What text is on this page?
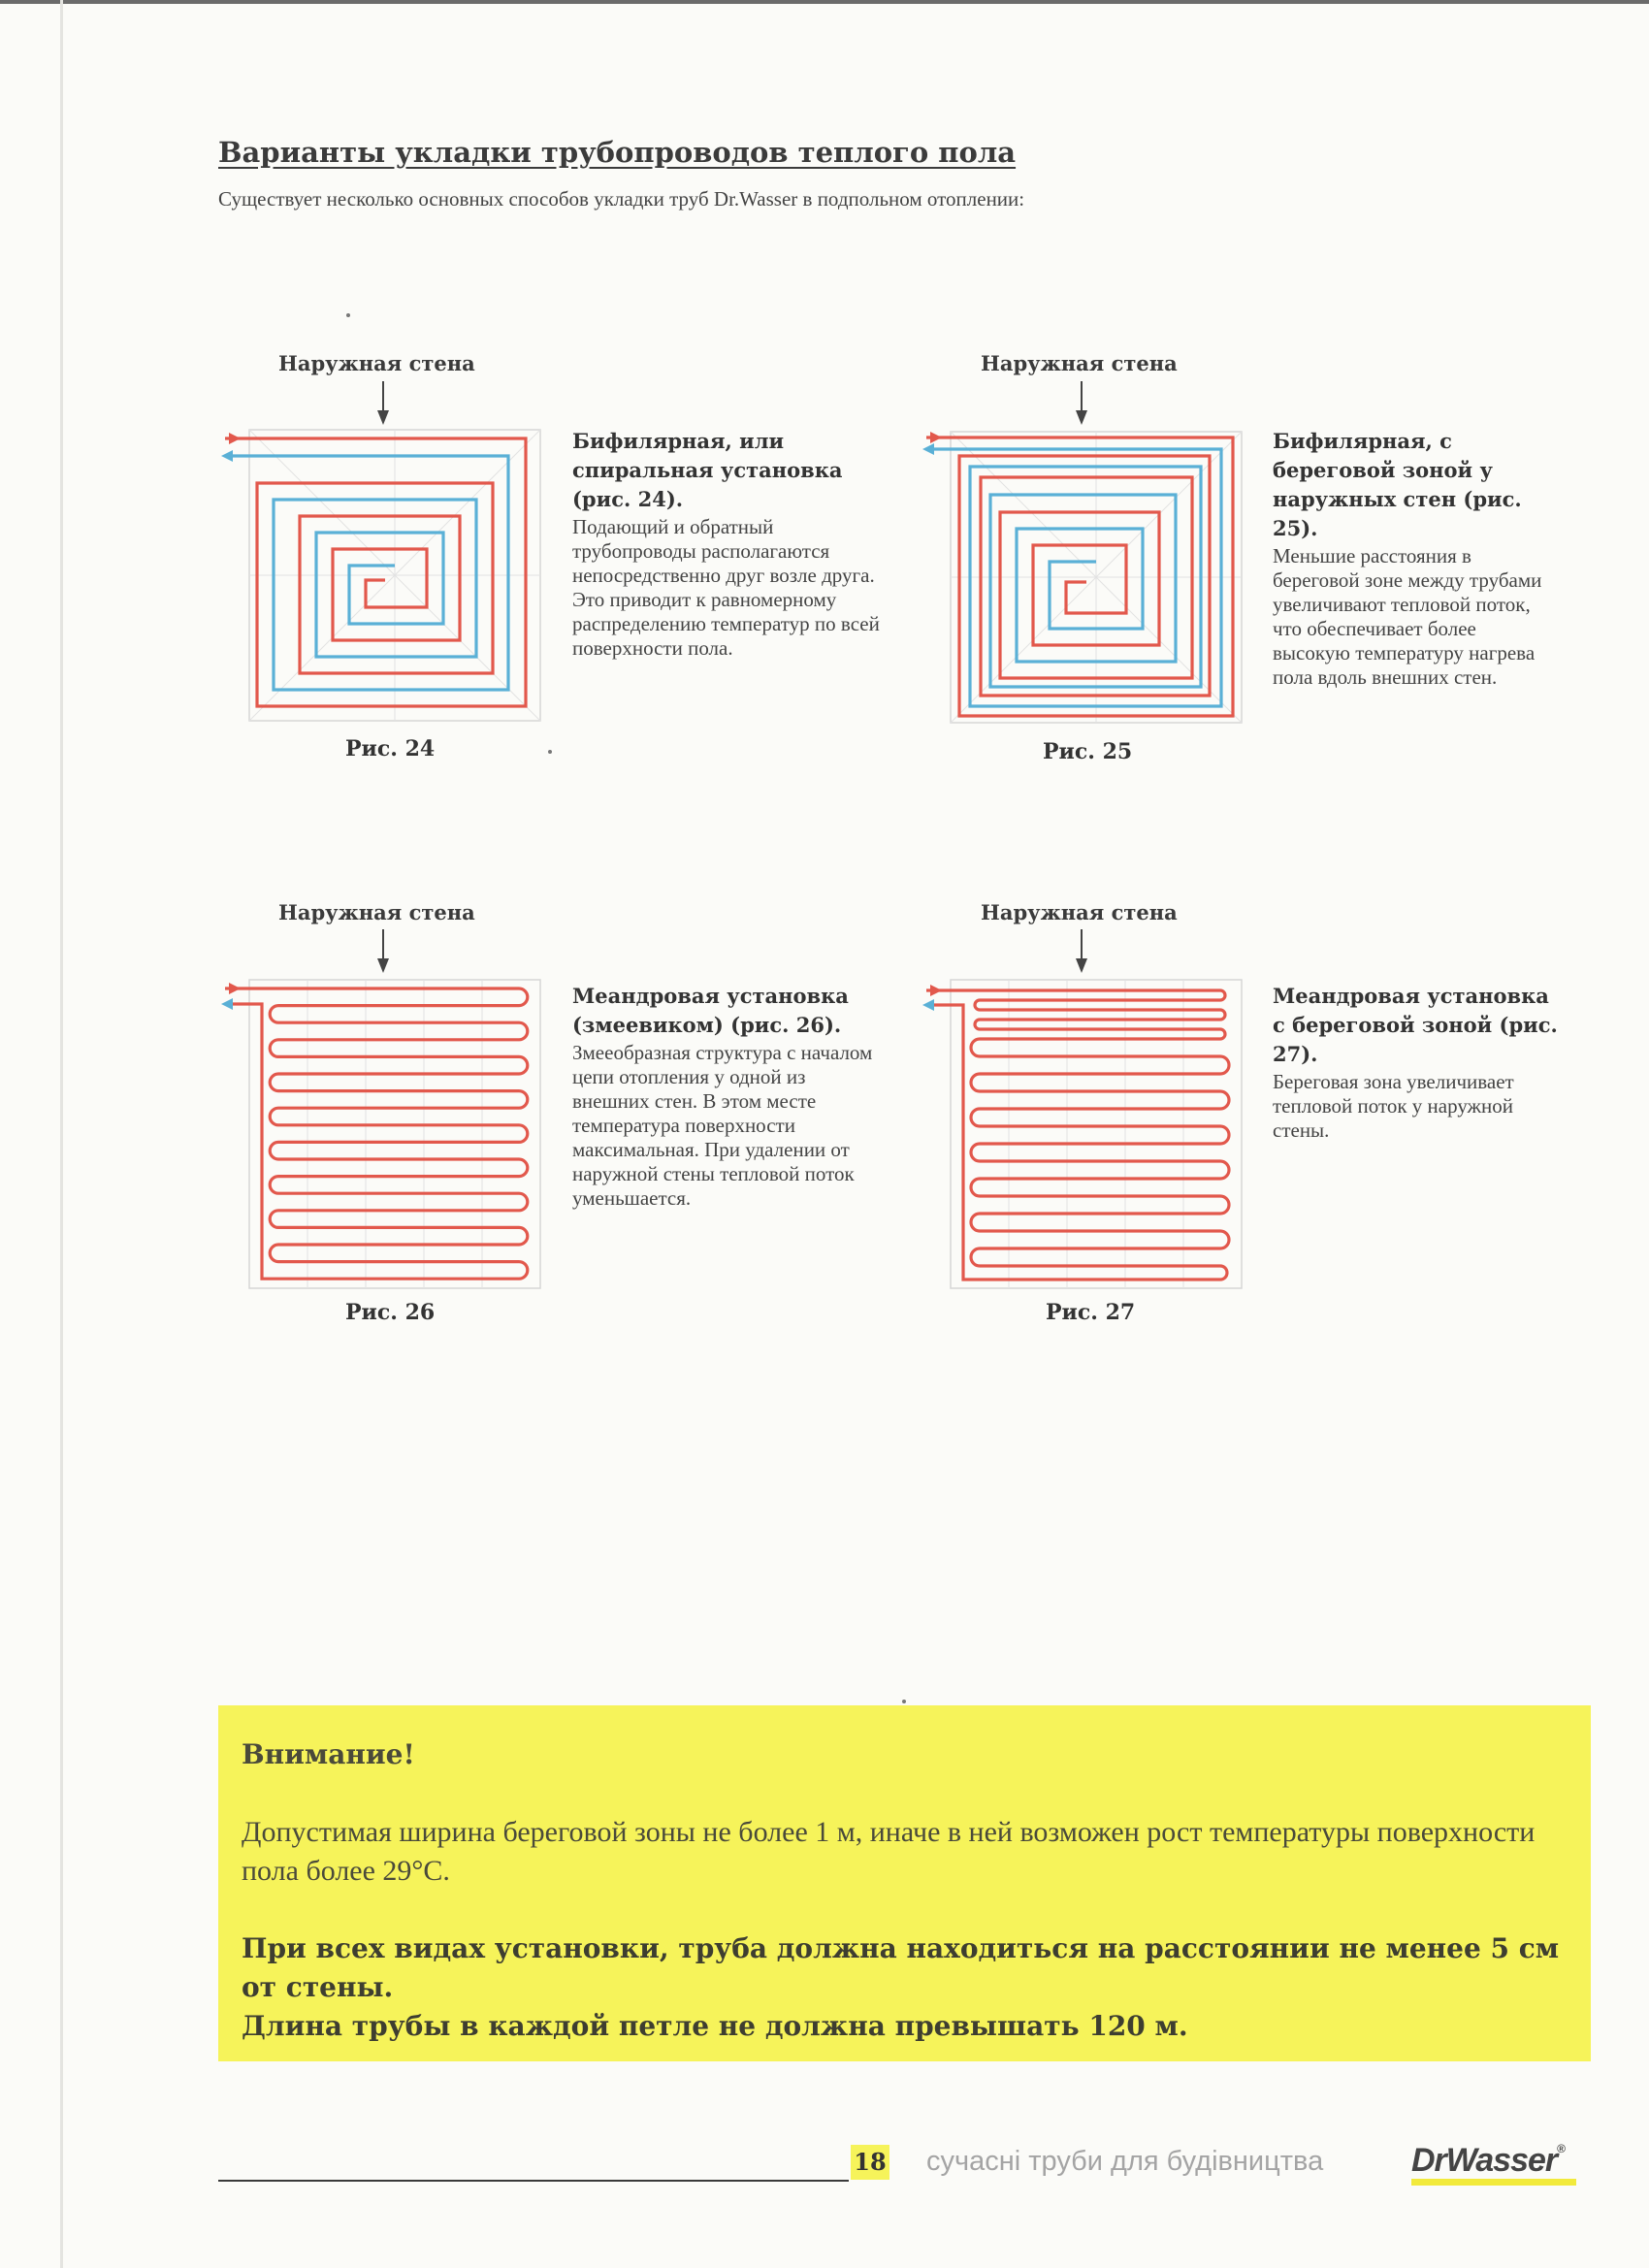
Варианты укладки трубопроводов теплого пола

Существует несколько основных способов укладки труб Dr.Wasser в подпольном отоплении:

Наружная стена
Рис. 24

Бифилярная, или спиральная установка (рис. 24).

Подающий и обратный трубопроводы располагаются непосредственно друг возле друга. Это приводит к равномерному распределению температур по всей поверхности пола.

Наружная стена
Рис. 25

Бифилярная, с береговой зоной у наружных стен (рис. 25).

Меньшие расстояния в береговой зоне между трубами увеличивают тепловой поток, что обеспечивает более высокую температуру нагрева пола вдоль внешних стен.

Наружная стена
Рис. 26

Меандровая установка (змеевиком) (рис. 26).

Змееобразная структура с началом цепи отопления у одной из внешних стен. В этом месте температура поверхности максимальная. При удалении от наружной стены тепловой поток уменьшается.

Наружная стена
Рис. 27

Меандровая установка с береговой зоной (рис. 27).

Береговая зона увеличивает тепловой поток у наружной стены.

Внимание!

Допустимая ширина береговой зоны не более 1 м, иначе в ней возможен рост температуры поверхности пола более 29°С.

При всех видах установки, труба должна находиться на расстоянии не менее 5 см от стены.

Длина трубы в каждой петле не должна превышать 120 м.

18 сучасні труби для будівництва	DrWasser®
